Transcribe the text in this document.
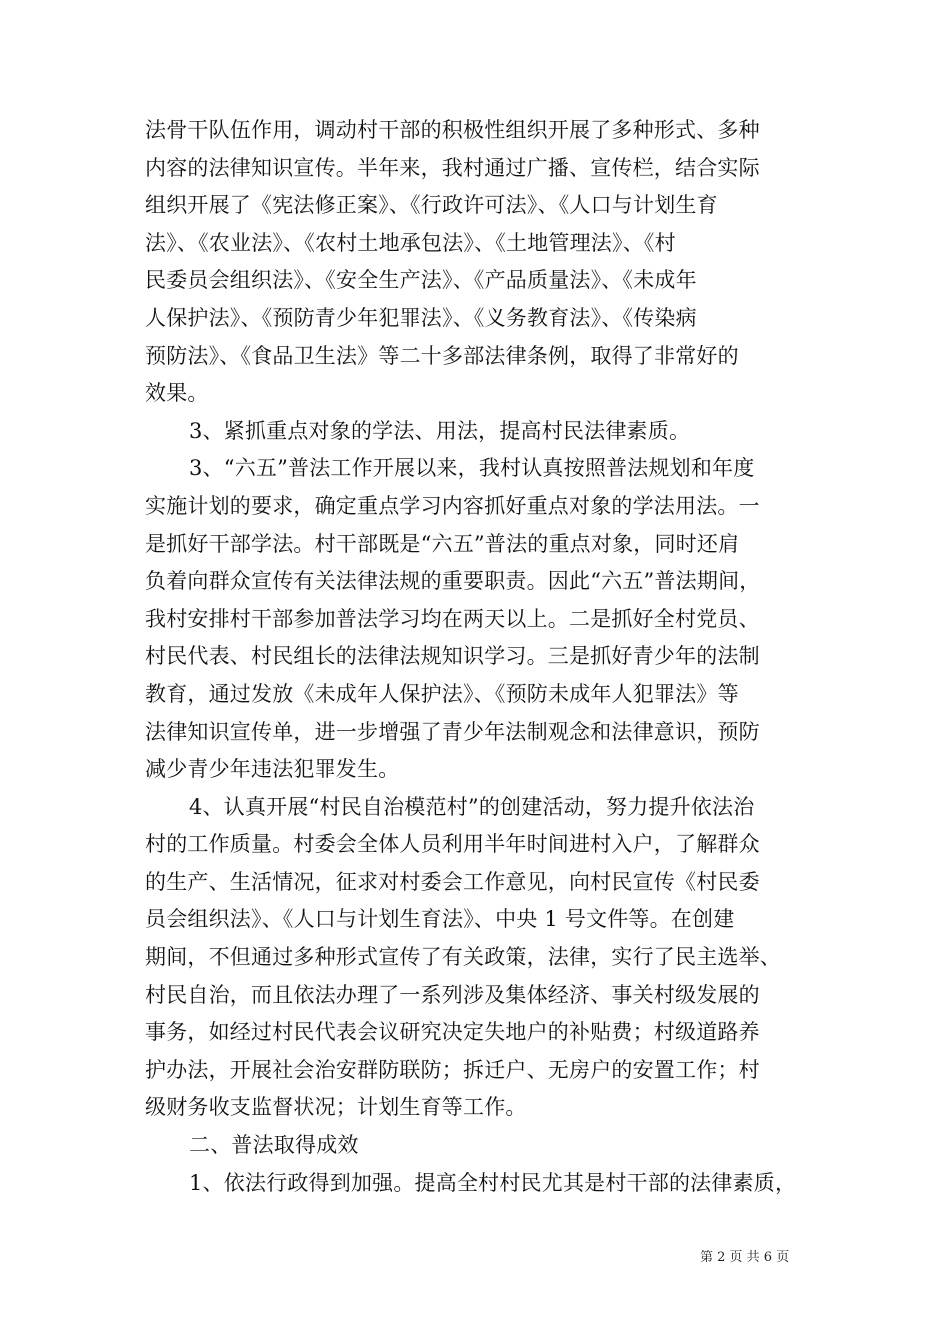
法骨干队伍作用，调动村干部的积极性组织开展了多种形式、多种
内容的法律知识宣传。半年来，我村通过广播、宣传栏，结合实际
组织开展了《宪法修正案》、《行政许可法》、《人口与计划生育
法》、《农业法》、《农村土地承包法》、《土地管理法》、《村
民委员会组织法》、《安全生产法》、《产品质量法》、《未成年
人保护法》、《预防青少年犯罪法》、《义务教育法》、《传染病
预防法》、《食品卫生法》等二十多部法律条例，取得了非常好的
效果。
3、紧抓重点对象的学法、用法，提高村民法律素质。
3、“六五”普法工作开展以来，我村认真按照普法规划和年度
实施计划的要求，确定重点学习内容抓好重点对象的学法用法。一
是抓好干部学法。村干部既是“六五”普法的重点对象，同时还肩
负着向群众宣传有关法律法规的重要职责。因此“六五”普法期间，
我村安排村干部参加普法学习均在两天以上。二是抓好全村党员、
村民代表、村民组长的法律法规知识学习。三是抓好青少年的法制
教育，通过发放《未成年人保护法》、《预防未成年人犯罪法》等
法律知识宣传单，进一步增强了青少年法制观念和法律意识，预防
减少青少年违法犯罪发生。
4、认真开展“村民自治模范村”的创建活动，努力提升依法治
村的工作质量。村委会全体人员利用半年时间进村入户，了解群众
的生产、生活情况，征求对村委会工作意见，向村民宣传《村民委
员会组织法》、《人口与计划生育法》、中央 1 号文件等。在创建
期间，不但通过多种形式宣传了有关政策，法律，实行了民主选举、
村民自治，而且依法办理了一系列涉及集体经济、事关村级发展的
事务，如经过村民代表会议研究决定失地户的补贴费；村级道路养
护办法，开展社会治安群防联防；拆迁户、无房户的安置工作；村
级财务收支监督状况；计划生育等工作。
二、普法取得成效
1、依法行政得到加强。提高全村村民尤其是村干部的法律素质，
第 2 页 共 6 页
